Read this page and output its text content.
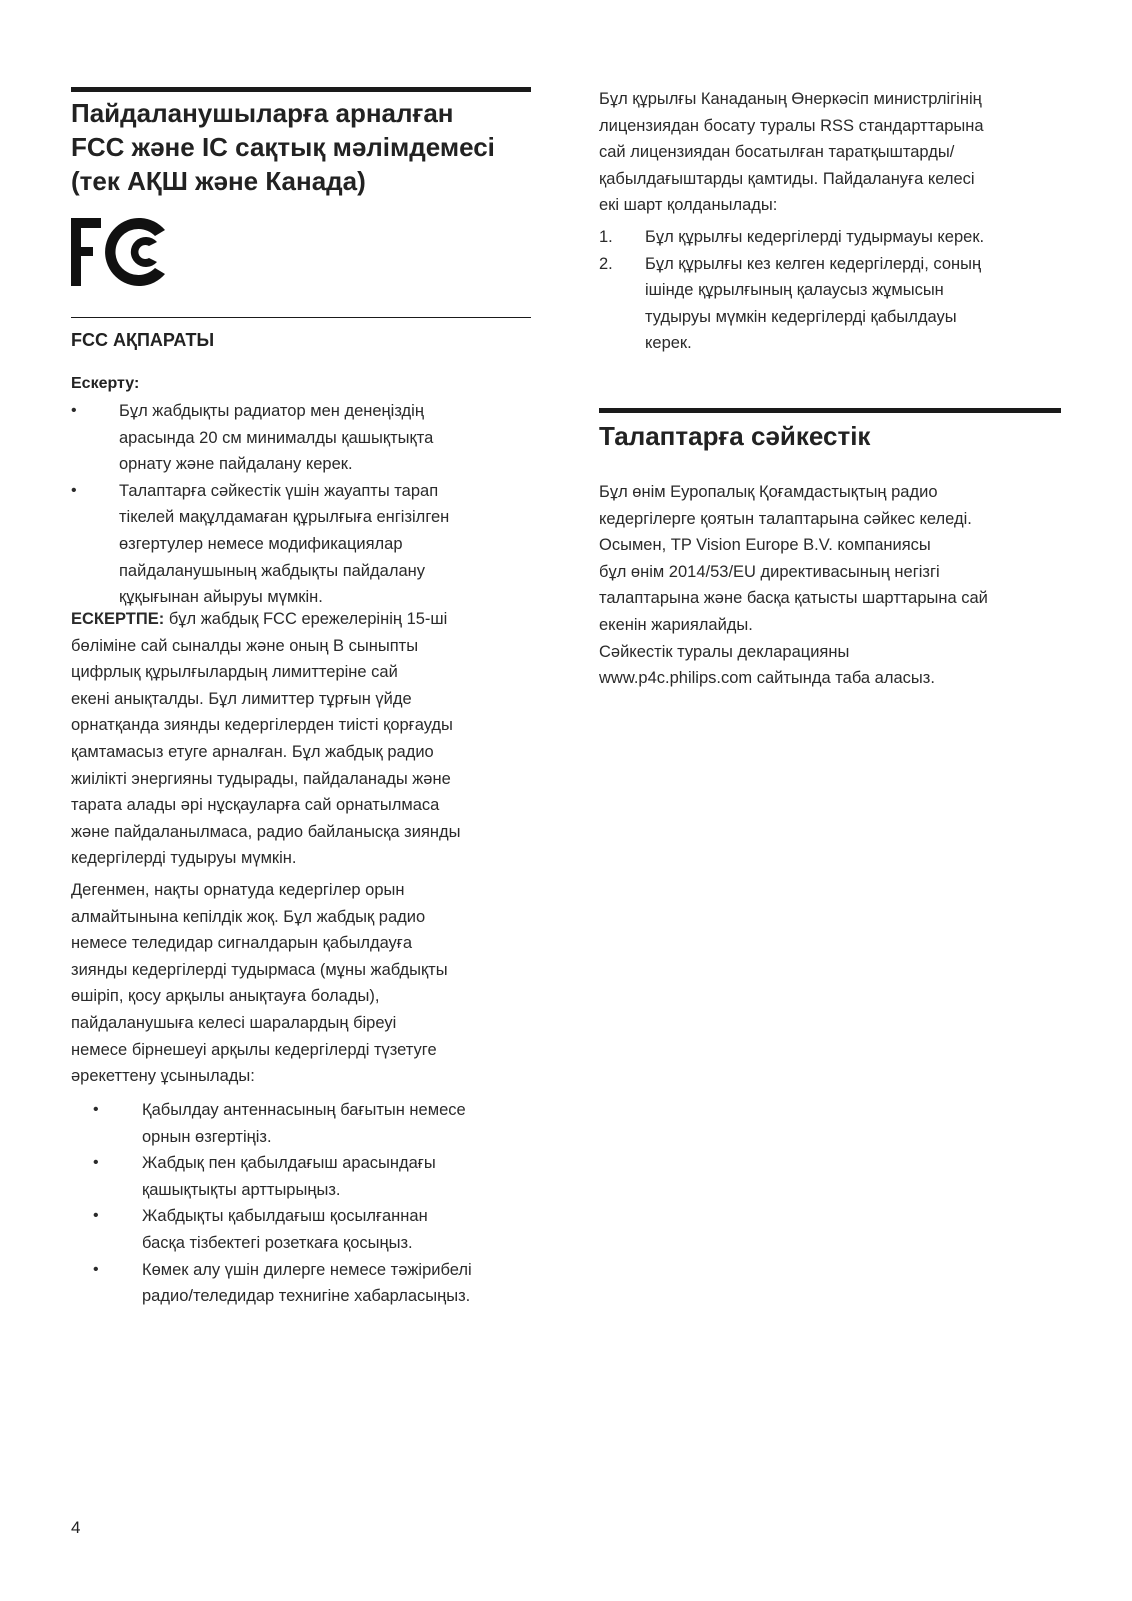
Пайдаланушыларға арналған
FCC және IC сақтық мәлімдемесі
(тек АҚШ және Канада)
FCC АҚПАРАТЫ
Ескерту:
•	Бұл жабдықты радиатор мен денеңіздің
арасында 20 см минималды қашықтықта
орнату және пайдалану керек.
•	Талаптарға сәйкестік үшін жауапты тарап
тікелей мақұлдамаған құрылғыға енгізілген
өзгертулер немесе модификациялар
пайдаланушының жабдықты пайдалану
құқығынан айыруы мүмкін.
ЕСКЕРТПЕ: бұл жабдық FCC ережелерінің 15-ші
бөліміне сай сыналды және оның B сыныпты
цифрлық құрылғылардың лимиттеріне сай
екені анықталды. Бұл лимиттер тұрғын үйде
орнатқанда зиянды кедергілерден тиісті қорғауды
қамтамасыз етуге арналған. Бұл жабдық радио
жиілікті энергияны тудырады, пайдаланады және
тарата алады әрі нұсқауларға сай орнатылмаса
және пайдаланылмаса, радио байланысқа зиянды
кедергілерді тудыруы мүмкін.
Дегенмен, нақты орнатуда кедергілер орын
алмайтынына кепілдік жоқ. Бұл жабдық радио
немесе теледидар сигналдарын қабылдауға
зиянды кедергілерді тудырмаса (мұны жабдықты
өшіріп, қосу арқылы анықтауға болады),
пайдаланушыға келесі шаралардың біреуі
немесе бірнешеуі арқылы кедергілерді түзетуге
әрекеттену ұсынылады:
•	Қабылдау антеннасының бағытын немесе
орнын өзгертіңіз.
•	Жабдық пен қабылдағыш арасындағы
қашықтықты арттырыңыз.
•	Жабдықты қабылдағыш қосылғаннан
басқа тізбектегі розеткаға қосыңыз.
•	Көмек алу үшін дилерге немесе тәжірибелі
радио/теледидар технигіне хабарласыңыз.
Бұл құрылғы Канаданың Өнеркәсіп министрлігінің
лицензиядан босату туралы RSS стандарттарына
сай лицензиядан босатылған таратқыштарды/
қабылдағыштарды қамтиды. Пайдалануға келесі
екі шарт қолданылады:
1.	Бұл құрылғы кедергілерді тудырмауы керек.
2.	Бұл құрылғы кез келген кедергілерді, соның
ішінде құрылғының қалаусыз жұмысын
тудыруы мүмкін кедергілерді қабылдауы
керек.
Талаптарға сәйкестік
Бұл өнім Еуропалық Қоғамдастықтың радио
кедергілерге қоятын талаптарына сәйкес келеді.
Осымен, TP Vision Europe B.V. компаниясы
бұл өнім 2014/53/EU директивасының негізгі
талаптарына және басқа қатысты шарттарына сай
екенін жариялайды.
Сәйкестік туралы декларацияны
www.p4c.philips.com сайтында таба аласыз.
4
